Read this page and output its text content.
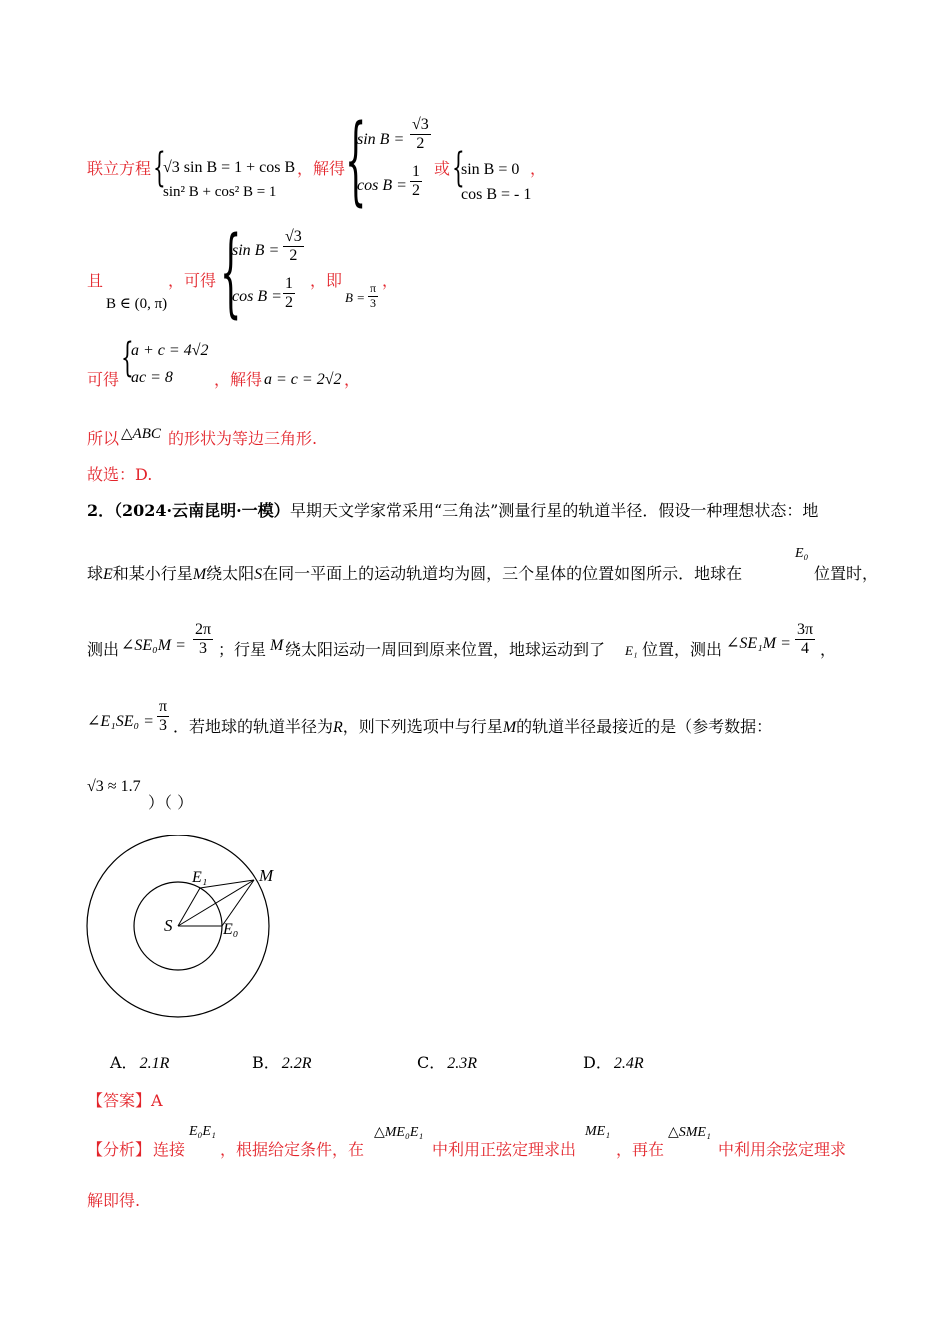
联立方程 {
√3 sin B = 1 + cos B
sin² B + cos² B = 1
，解得 {
$\sin B = \frac{√3}{2}$
$\cos B = \frac{1}{2}$ 或 {
sin B = 0
cos B = - 1
，
且
B ∈ (0, π)
，可得 {
$\sin B = \frac{√3}{2}$
$\cos B = \frac{1}{2}$ ，即
$B = \frac{\pi}{3}$
，
可得 {
a + c = 4√2
ac = 8	，解得 a = c = 2√2 ，
所以 △ABC 的形状为等边三角形.
故选：D.
2．
（2024·云南昆明·一模） 早期天文学家常采用“三角法”测量行星的轨道半径．假设一种理想状态：地
球E和某小行星M绕太阳S在同一平面上的运动轨道均为圆，三个星体的位置如图所示．地球在
E₀
位置时，
测出 ∠SE₀M = $\frac{2\pi}{3}$ ；行星 M 绕太阳运动一周回到原来位置，地球运动到了 E₁ 位置，测出 ∠SE₁M = $\frac{3\pi}{4}$ ，
∠E₁SE₀ = $\frac{\pi}{3}$ ．若地球的轨道半径为R，则下列选项中与行星M的轨道半径最接近的是（参考数据：
√3 ≈ 1.7
）（ ）
E₁	M
S	E₀
A． 2.1R	B． 2.2R	C． 2.3R	D． 2.4R
【答案】A
【分析】 连接
E₀E₁
，根据给定条件，在
△ME₀E₁
中利用正弦定理求出
ME₁
，再在
△SME₁
中利用余弦定理求
解即得.
